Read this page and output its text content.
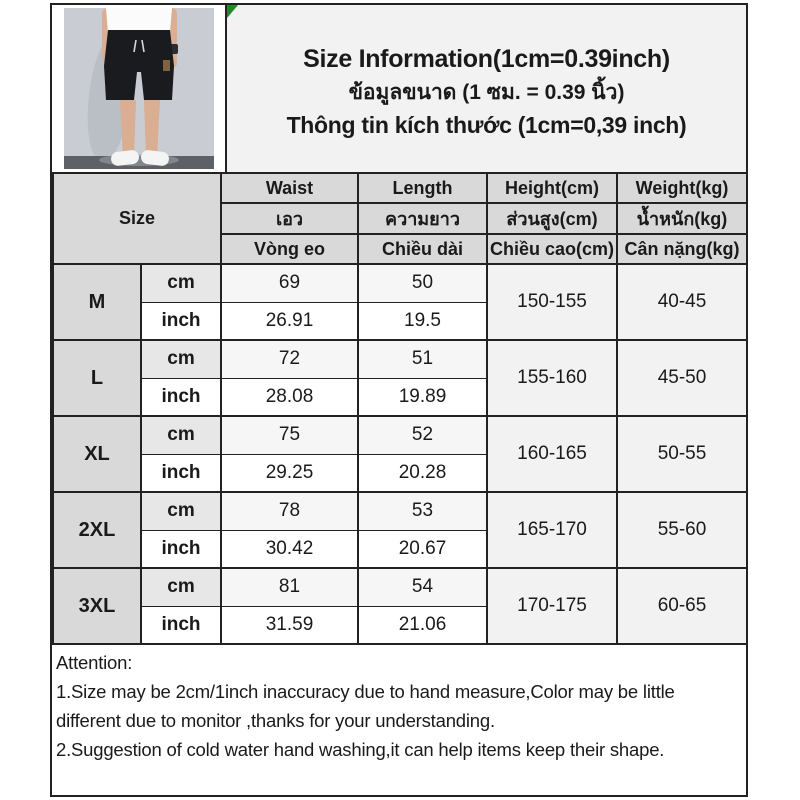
Size Information(1cm=0.39inch)
ข้อมูลขนาด (1 ซม. = 0.39 นิ้ว)
Thông tin kích thước (1cm=0,39 inch)
Size		Waist	Length	Height(cm)	Weight(kg)
		เอว	ความยาว	ส่วนสูง(cm)	น้ำหนัก(kg)
		Vòng eo	Chiều dài	Chiều cao(cm)	Cân nặng(kg)
M	cm	69	50	150-155	40-45
	inch	26.91	19.5		
L	cm	72	51	155-160	45-50
	inch	28.08	19.89		
XL	cm	75	52	160-165	50-55
	inch	29.25	20.28		
2XL	cm	78	53	165-170	55-60
	inch	30.42	20.67		
3XL	cm	81	54	170-175	60-65
	inch	31.59	21.06		
Attention:
1.Size may be 2cm/1inch inaccuracy due to hand measure,Color may be little different due to monitor ,thanks for your understanding.
2.Suggestion of cold water hand washing,it can help items keep their shape.
